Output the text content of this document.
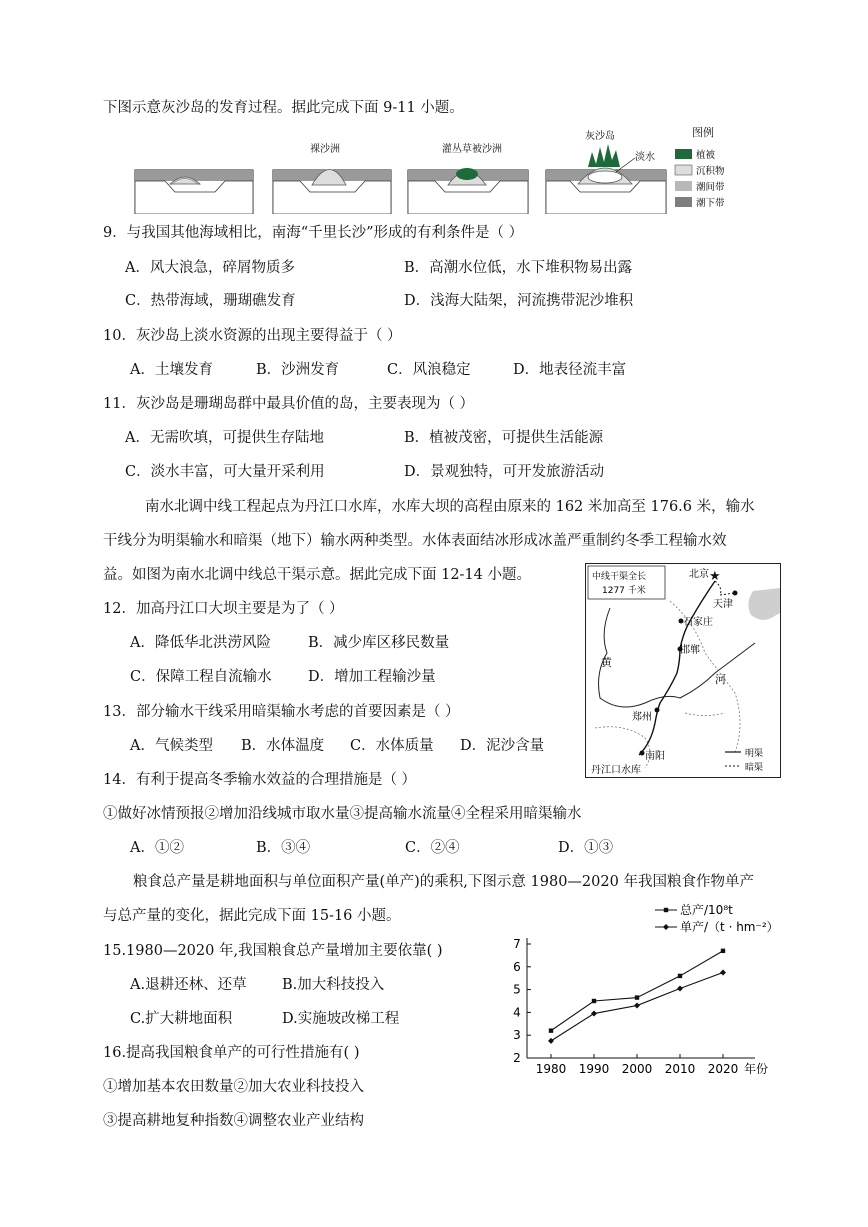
下图示意灰沙岛的发育过程。据此完成下面 9-11 小题。
裸沙洲	灌丛草被沙洲
灰沙岛
淡水
图例
植被
沉积物
潮间带
潮下带
9．与我国其他海域相比，南海“千里长沙”形成的有利条件是（ ）
A．风大浪急，碎屑物质多	B．高潮水位低，水下堆积物易出露
C．热带海域，珊瑚礁发育	D．浅海大陆架，河流携带泥沙堆积
10．灰沙岛上淡水资源的出现主要得益于（ ）
A．土壤发育	B．沙洲发育	C．风浪稳定	D．地表径流丰富
11．灰沙岛是珊瑚岛群中最具价值的岛，主要表现为（ ）
A．无需吹填，可提供生存陆地	B．植被茂密，可提供生活能源
C．淡水丰富，可大量开采利用	D．景观独特，可开发旅游活动
南水北调中线工程起点为丹江口水库，水库大坝的高程由原来的 162 米加高至 176.6 米，输水
干线分为明渠输水和暗渠（地下）输水两种类型。水体表面结冰形成冰盖严重制约冬季工程输水效
益。如图为南水北调中线总干渠示意。据此完成下面 12-14 小题。	中线干渠全长
1277 千米
★
北京
天津
石家庄
邯郸
郑州
南阳
丹江口水库
黄
河
明渠
暗渠
12．加高丹江口大坝主要是为了（ ）
A．降低华北洪涝风险	B．减少库区移民数量
C．保障工程自流输水	D．增加工程输沙量
13．部分输水干线采用暗渠输水考虑的首要因素是（ ）
A．气候类型 B．水体温度 C．水体质量 D．泥沙含量
14．有利于提高冬季输水效益的合理措施是（ ）
①做好冰情预报②增加沿线城市取水量③提高输水流量④全程采用暗渠输水
A．①②	B．③④	C．②④	D．①③
粮食总产量是耕地面积与单位面积产量(单产)的乘积,下图示意 1980—2020 年我国粮食作物单产
与总产量的变化，据此完成下面 15-16 小题。
15.1980—2020 年,我国粮食总产量增加主要依靠( )
A.退耕还林、还草 B.加大科技投入
C.扩大耕地面积	D.实施坡改梯工程
16.提高我国粮食单产的可行性措施有( )
①增加基本农田数量②加大农业科技投入
③提高耕地复种指数④调整农业产业结构
2
3
4
5
6
7
1980 1990 2000 2010 2020 年份
总产/10⁸t
单产/（t · hm⁻²）
